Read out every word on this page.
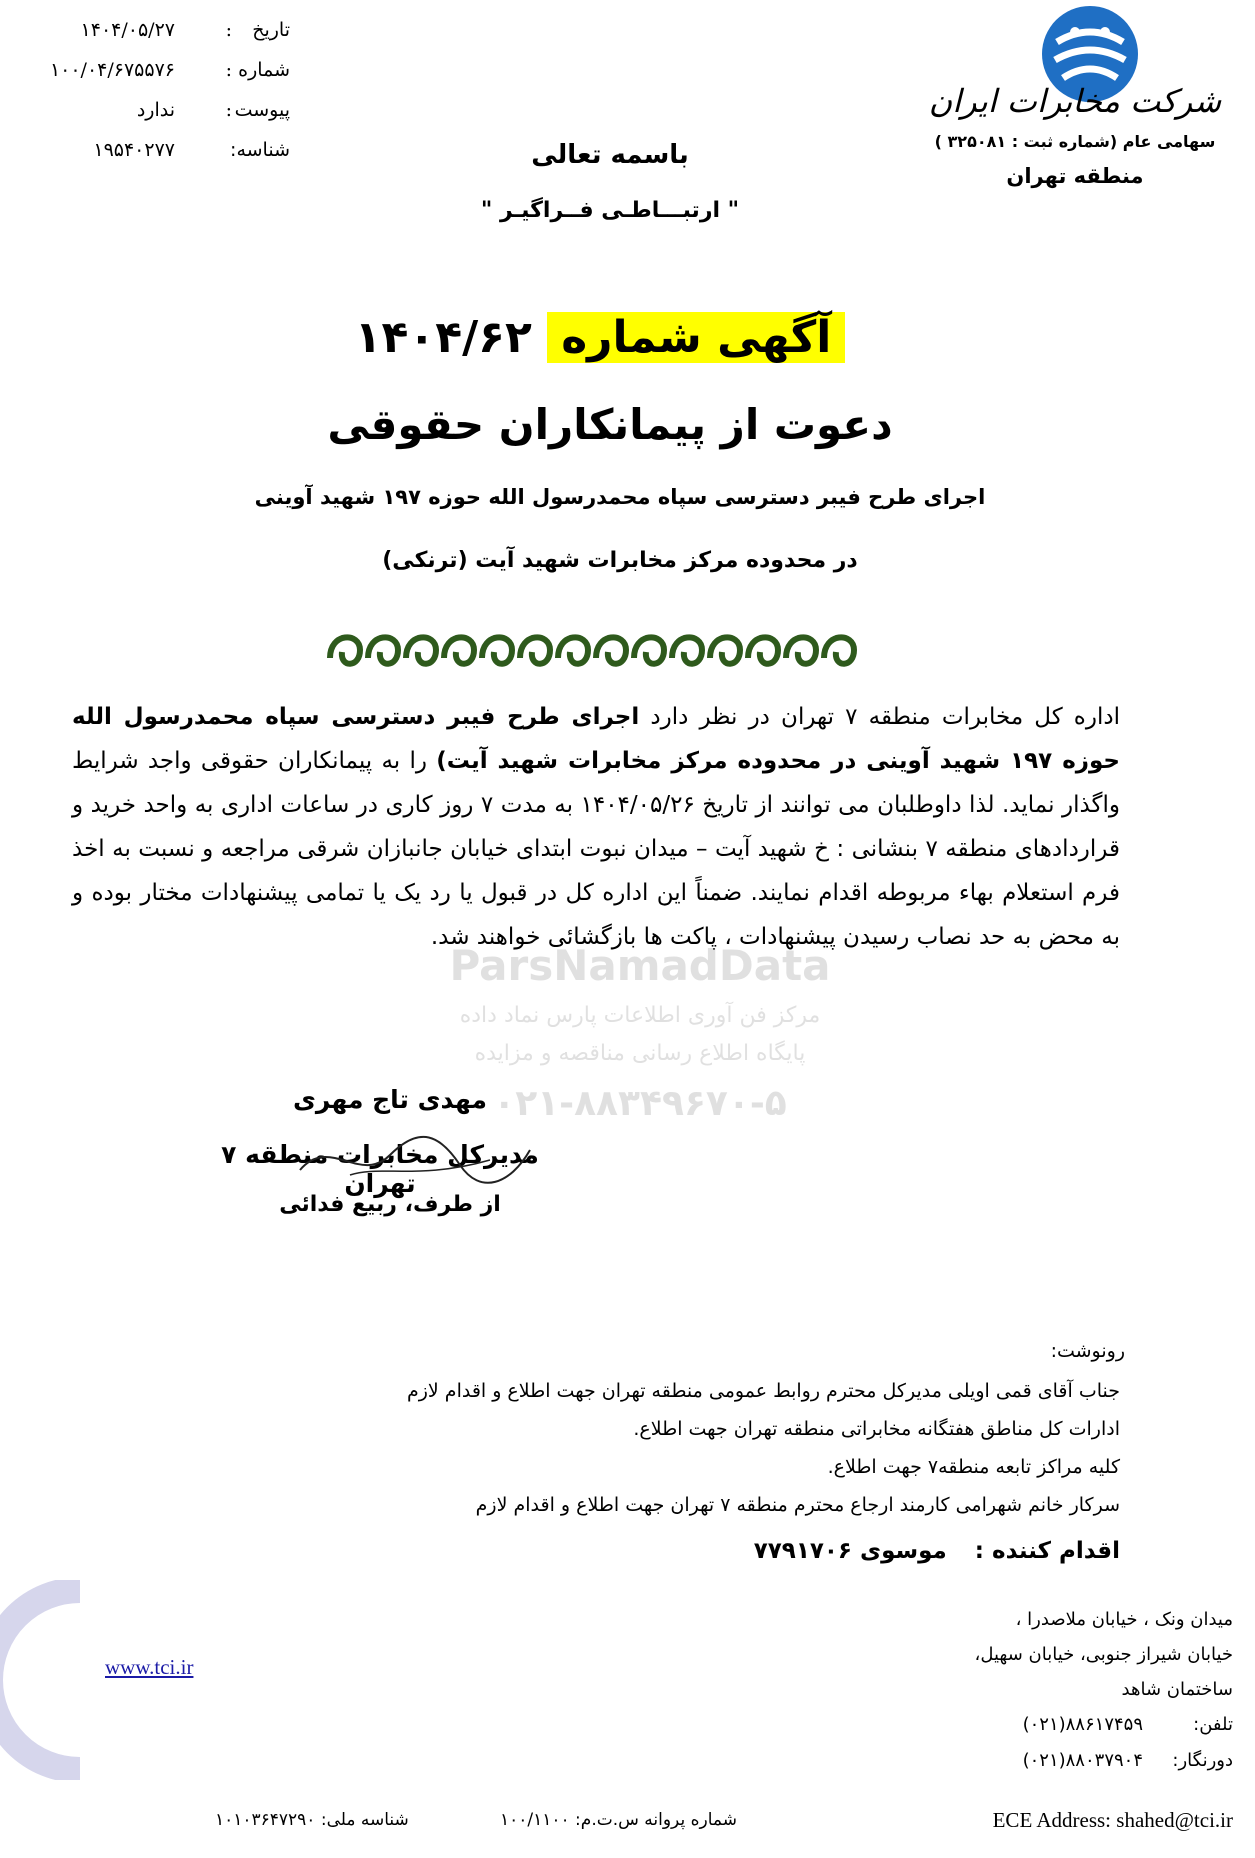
تاریخ
:
۱۴۰۴/۰۵/۲۷
شماره
:
۱۰۰/۰۴/۶۷۵۵۷۶
پیوست
:
ندارد
شناسه:
۱۹۵۴۰۲۷۷
شرکت مخابرات ایران
سهامی عام (شماره ثبت : ۳۲۵۰۸۱ )
منطقه تهران
باسمه تعالی
" ارتبـــاطـی فــراگیـر "
آگهی شماره ۱۴۰۴/۶۲
دعوت از پیمانکاران حقوقی
اجرای طرح فیبر دسترسی سپاه محمدرسول الله حوزه ۱۹۷ شهید آوینی
در محدوده مرکز مخابرات شهید آیت (ترنکی)
اداره کل مخابرات منطقه ۷ تهران در نظر دارد اجرای طرح فیبر دسترسی سپاه محمدرسول الله حوزه ۱۹۷ شهید آوینی در محدوده مرکز مخابرات شهید آیت) را به پیمانکاران حقوقی واجد شرایط واگذار نماید. لذا داوطلبان می توانند از تاریخ ۱۴۰۴/۰۵/۲۶ به مدت ۷ روز کاری در ساعات اداری به واحد خرید و قراردادهای منطقه ۷ بنشانی : خ شهید آیت – میدان نبوت ابتدای خیابان جانبازان شرقی مراجعه و نسبت به اخذ فرم استعلام بهاء مربوطه اقدام نمایند. ضمناً این اداره کل در قبول یا رد یک یا تمامی پیشنهادات مختار بوده و به محض به حد نصاب رسیدن پیشنهادات ، پاکت ها بازگشائی خواهند شد.
ParsNamadData
مرکز فن آوری اطلاعات پارس نماد داده
پایگاه اطلاع رسانی مناقصه و مزایده
۰۲۱-۸۸۳۴۹۶۷۰-۵
مهدی تاج مهری
مدیرکل مخابرات منطقه ۷ تهران
از طرف، ربیع فدائی
رونوشت:
جناب آقای قمی اویلی مدیرکل محترم روابط عمومی منطقه تهران جهت اطلاع و اقدام لازم
ادارات کل مناطق هفتگانه مخابراتی منطقه تهران جهت اطلاع.
کلیه مراکز تابعه منطقه۷ جهت اطلاع.
سرکار خانم شهرامی کارمند ارجاع محترم منطقه ۷ تهران جهت اطلاع و اقدام لازم
اقدام کننده : موسوی ۷۷۹۱۷۰۶
www.tci.ir
میدان ونک ، خیابان ملاصدرا ،
خیابان شیراز جنوبی، خیابان سهیل،
ساختمان شاهد
تلفن:
(۰۲۱)۸۸۶۱۷۴۵۹
دورنگار:
(۰۲۱)۸۸۰۳۷۹۰۴
ECE Address: shahed@tci.ir
شماره پروانه س.ت.م: ۱۰۰/۱۱۰۰
شناسه ملی: ۱۰۱۰۳۶۴۷۲۹۰
